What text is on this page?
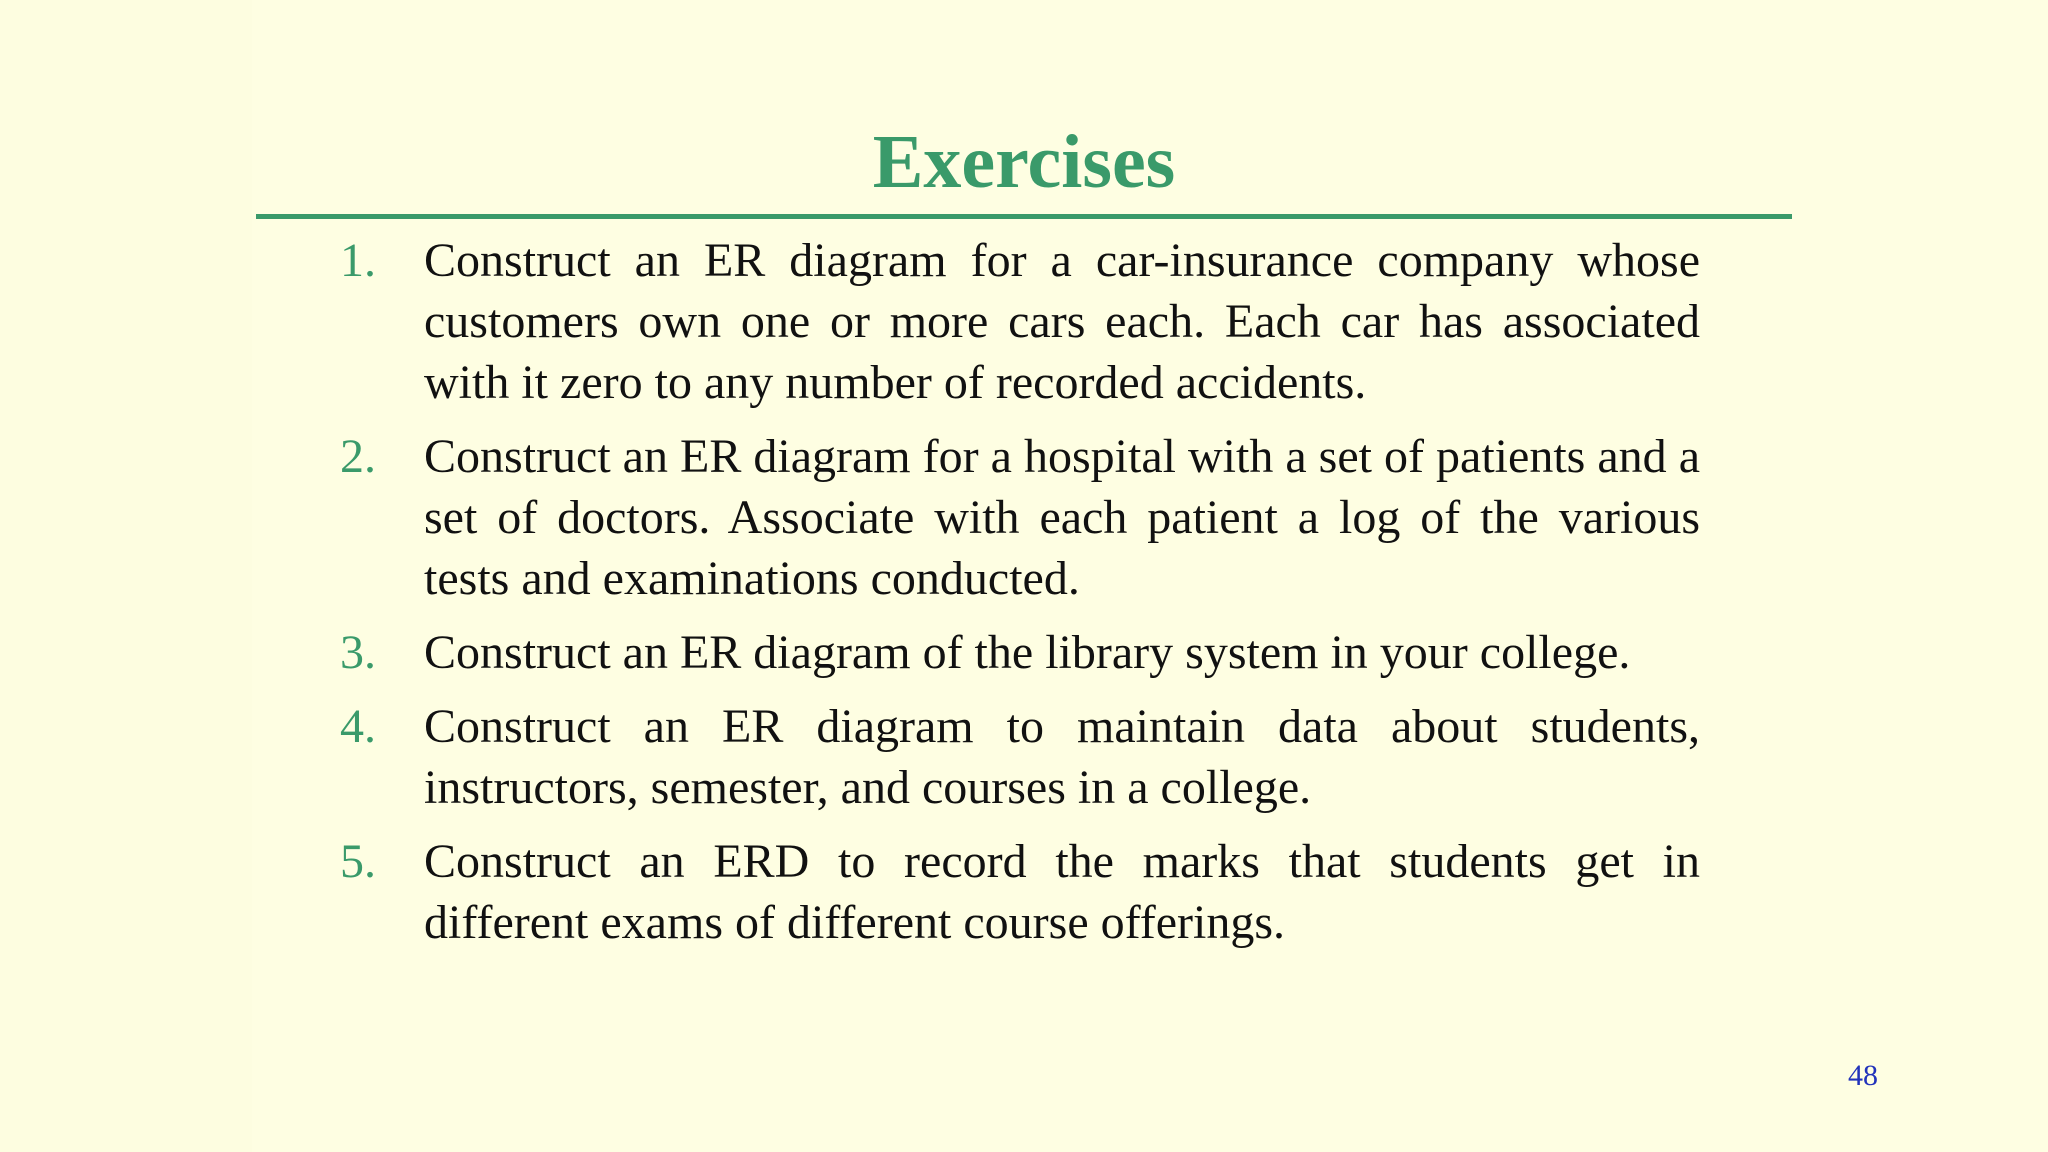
Exercises
1.	Construct an ER diagram for a car-insurance company whose customers own one or more cars each. Each car has associated with it zero to any number of recorded accidents.
2.	Construct an ER diagram for a hospital with a set of patients and a set of doctors. Associate with each patient a log of the various tests and examinations conducted.
3.	Construct an ER diagram of the library system in your college.
4.	Construct an ER diagram to maintain data about students, instructors, semester, and courses in a college.
5.	Construct an ERD to record the marks that students get in different exams of different course offerings.
48
